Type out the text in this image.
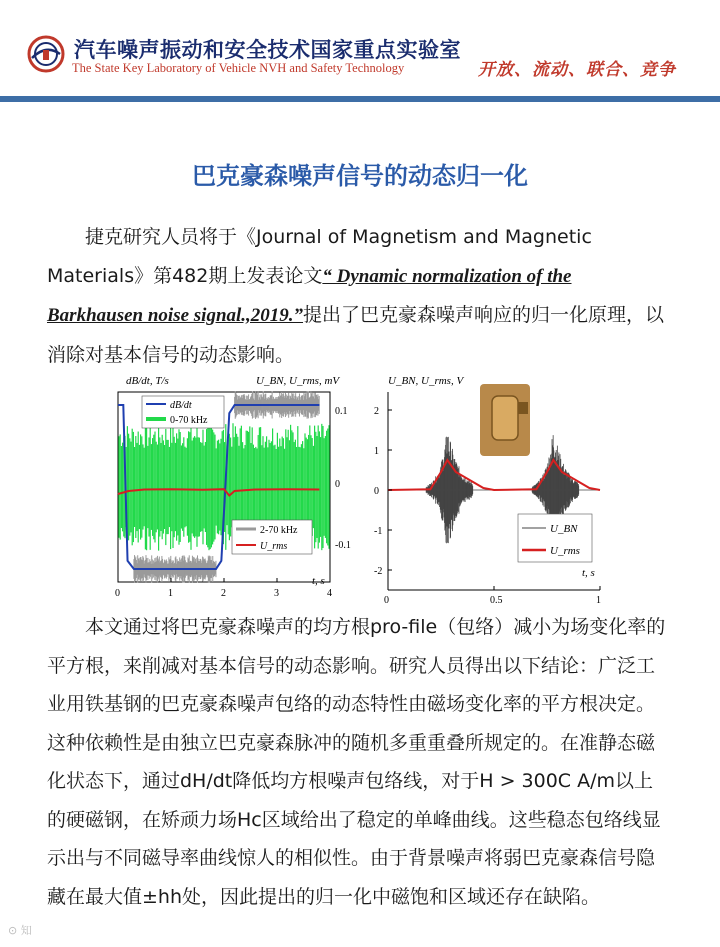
汽车噪声振动和安全技术国家重点实验室
The State Key Laboratory of Vehicle NVH and Safety Technology	开放、流动、联合、竞争
巴克豪森噪声信号的动态归一化
捷克研究人员将于《Journal of Magnetism and Magnetic Materials》第482期上发表论文“ Dynamic normalization of the Barkhausen noise signal.,2019.”提出了巴克豪森噪声响应的归一化原理，以消除对基本信号的动态影响。
dB/dt, T/s	U_BN, U_rms, mV
0.1
0
-0.1
0	1	2	3	4
t, s
dB/dt
0-70 kHz
2-70 kHz
U_rms
U_BN, U_rms, V
2
1
0
-1
-2
0	0.5	1
t, s
U_BN
U_rms
本文通过将巴克豪森噪声的均方根pro-file（包络）减小为场变化率的平方根，来削减对基本信号的动态影响。研究人员得出以下结论：广泛工业用铁基钢的巴克豪森噪声包络的动态特性由磁场变化率的平方根决定。这种依赖性是由独立巴克豪森脉冲的随机多重重叠所规定的。在准静态磁化状态下，通过dH/dt降低均方根噪声包络线，对于H > 300C A/m以上的硬磁钢，在矫顽力场Hc区域给出了稳定的单峰曲线。这些稳态包络线显示出与不同磁导率曲线惊人的相似性。由于背景噪声将弱巴克豪森信号隐藏在最大值±hh处，因此提出的归一化中磁饱和区域还存在缺陷。
⊙ 知
